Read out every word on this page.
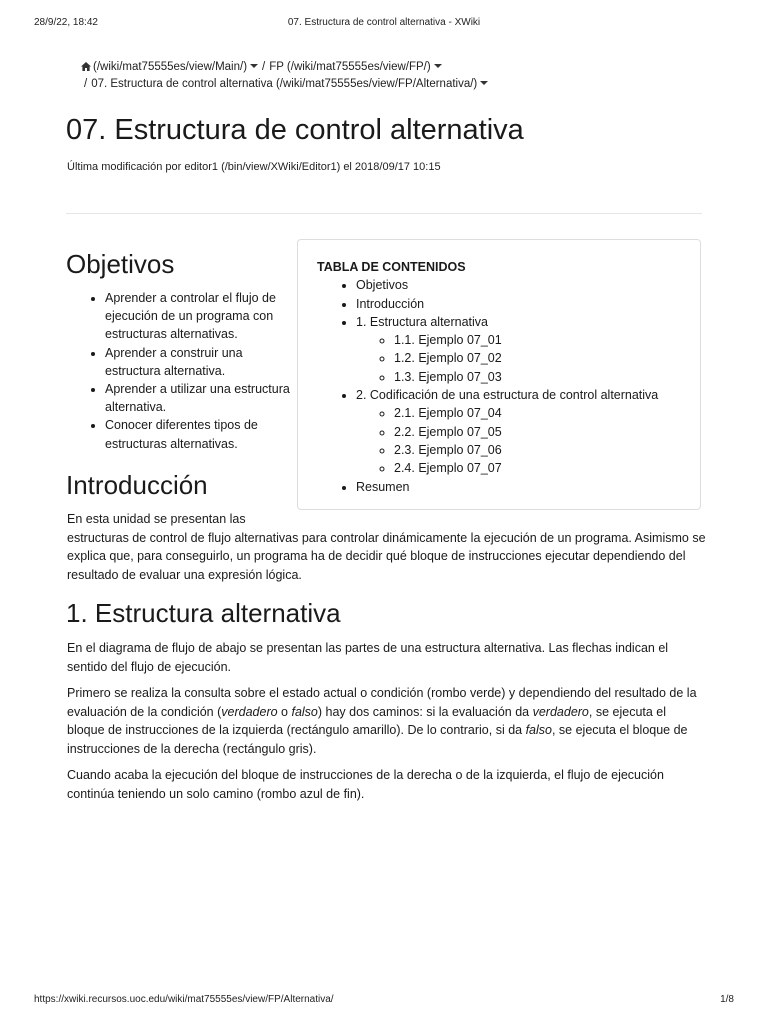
28/9/22, 18:42	07. Estructura de control alternativa - XWiki
(/wiki/mat75555es/view/Main/) / FP (/wiki/mat75555es/view/FP/)
/ 07. Estructura de control alternativa (/wiki/mat75555es/view/FP/Alternativa/)
07. Estructura de control alternativa
Última modificación por editor1 (/bin/view/XWiki/Editor1) el 2018/09/17 10:15
TABLA DE CONTENIDOS
• Objetivos
• Introducción
• 1. Estructura alternativa
◦ 1.1. Ejemplo 07_01
◦ 1.2. Ejemplo 07_02
◦ 1.3. Ejemplo 07_03
• 2. Codificación de una estructura de control alternativa
◦ 2.1. Ejemplo 07_04
◦ 2.2. Ejemplo 07_05
◦ 2.3. Ejemplo 07_06
◦ 2.4. Ejemplo 07_07
• Resumen
Objetivos
• Aprender a controlar el flujo de ejecución de un programa con estructuras alternativas.
• Aprender a construir una estructura alternativa.
• Aprender a utilizar una estructura alternativa.
• Conocer diferentes tipos de estructuras alternativas.
Introducción
En esta unidad se presentan las
estructuras de control de flujo alternativas para controlar dinámicamente la ejecución de un programa. Asimismo se explica que, para conseguirlo, un programa ha de decidir qué bloque de instrucciones ejecutar dependiendo del resultado de evaluar una expresión lógica.
1. Estructura alternativa

En el diagrama de flujo de abajo se presentan las partes de una estructura alternativa. Las flechas indican el sentido del flujo de ejecución.

Primero se realiza la consulta sobre el estado actual o condición (rombo verde) y dependiendo del resultado de la evaluación de la condición (verdadero o falso) hay dos caminos: si la evaluación da verdadero, se ejecuta el bloque de instrucciones de la izquierda (rectángulo amarillo). De lo contrario, si da falso, se ejecuta el bloque de instrucciones de la derecha (rectángulo gris).

Cuando acaba la ejecución del bloque de instrucciones de la derecha o de la izquierda, el flujo de ejecución continúa teniendo un solo camino (rombo azul de fin).

https://xwiki.recursos.uoc.edu/wiki/mat75555es/view/FP/Alternativa/	1/8
